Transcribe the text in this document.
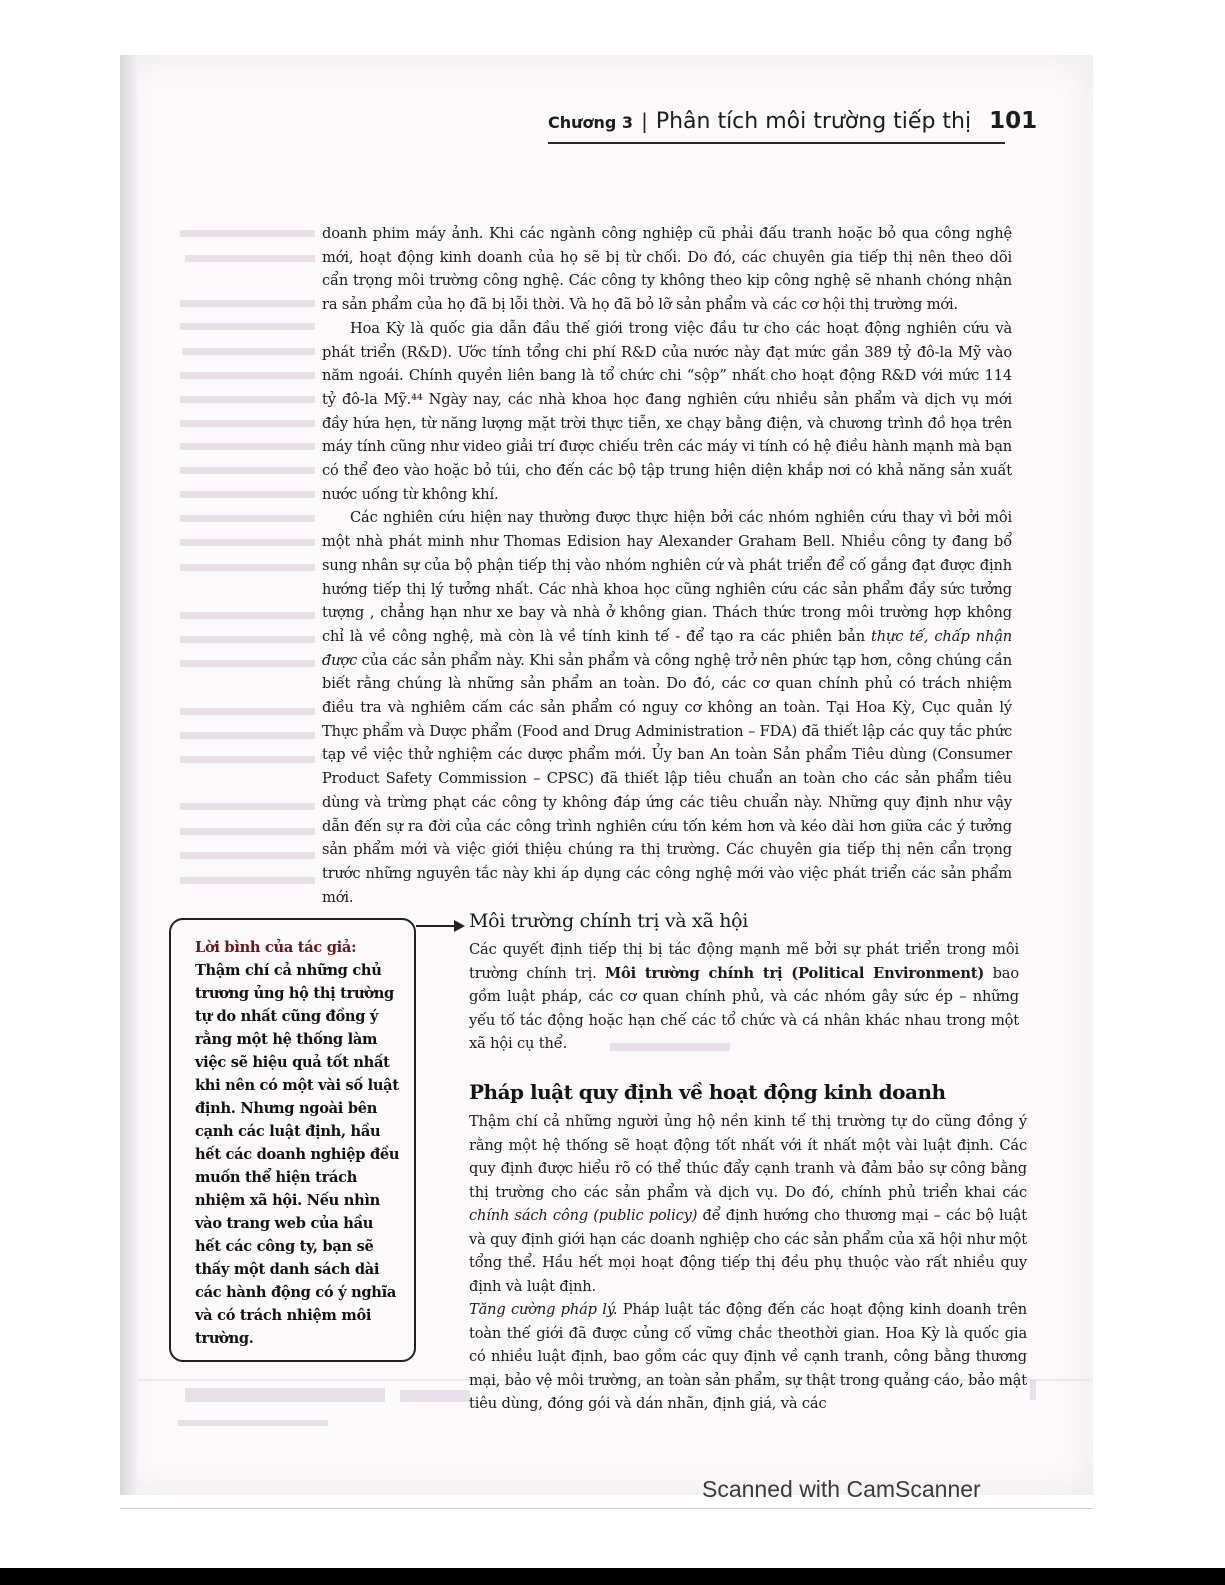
Chương 3 | Phân tích môi trường tiếp thị 101

doanh phim máy ảnh. Khi các ngành công nghiệp cũ phải đấu tranh hoặc bỏ qua công nghệ mới, hoạt động kinh doanh của họ sẽ bị từ chối. Do đó, các chuyên gia tiếp thị nên theo dõi cẩn trọng môi trường công nghệ. Các công ty không theo kịp công nghệ sẽ nhanh chóng nhận ra sản phẩm của họ đã bị lỗi thời. Và họ đã bỏ lỡ sản phẩm và các cơ hội thị trường mới.

Hoa Kỳ là quốc gia dẫn đầu thế giới trong việc đầu tư cho các hoạt động nghiên cứu và phát triển (R&D). Ước tính tổng chi phí R&D của nước này đạt mức gần 389 tỷ đô-la Mỹ vào năm ngoái. Chính quyền liên bang là tổ chức chi “sộp” nhất cho hoạt động R&D với mức 114 tỷ đô-la Mỹ.⁴⁴ Ngày nay, các nhà khoa học đang nghiên cứu nhiều sản phẩm và dịch vụ mới đầy hứa hẹn, từ năng lượng mặt trời thực tiễn, xe chạy bằng điện, và chương trình đồ họa trên máy tính cũng như video giải trí được chiếu trên các máy vi tính có hệ điều hành mạnh mà bạn có thể đeo vào hoặc bỏ túi, cho đến các bộ tập trung hiện diện khắp nơi có khả năng sản xuất nước uống từ không khí.

Các nghiên cứu hiện nay thường được thực hiện bởi các nhóm nghiên cứu thay vì bởi môi một nhà phát minh như Thomas Edision hay Alexander Graham Bell. Nhiều công ty đang bổ sung nhân sự của bộ phận tiếp thị vào nhóm nghiên cứ và phát triển để cố gắng đạt được định hướng tiếp thị lý tưởng nhất. Các nhà khoa học cũng nghiên cứu các sản phẩm đầy sức tưởng tượng , chẳng hạn như xe bay và nhà ở không gian. Thách thức trong môi trường hợp không chỉ là về công nghệ, mà còn là về tính kinh tế - để tạo ra các phiên bản thực tế, chấp nhận được của các sản phẩm này. Khi sản phẩm và công nghệ trở nên phức tạp hơn, công chúng cần biết rằng chúng là những sản phẩm an toàn. Do đó, các cơ quan chính phủ có trách nhiệm điều tra và nghiêm cấm các sản phẩm có nguy cơ không an toàn. Tại Hoa Kỳ, Cục quản lý Thực phẩm và Dược phẩm (Food and Drug Administration – FDA) đã thiết lập các quy tắc phức tạp về việc thử nghiệm các dược phẩm mới. Ủy ban An toàn Sản phẩm Tiêu dùng (Consumer Product Safety Commission – CPSC) đã thiết lập tiêu chuẩn an toàn cho các sản phẩm tiêu dùng và trừng phạt các công ty không đáp ứng các tiêu chuẩn này. Những quy định như vậy dẫn đến sự ra đời của các công trình nghiên cứu tốn kém hơn và kéo dài hơn giữa các ý tưởng sản phẩm mới và việc giới thiệu chúng ra thị trường. Các chuyên gia tiếp thị nên cẩn trọng trước những nguyên tắc này khi áp dụng các công nghệ mới vào việc phát triển các sản phẩm mới.

Lời bình của tác giả:
Thậm chí cả những chủ trương ủng hộ thị trường tự do nhất cũng đồng ý rằng một hệ thống làm việc sẽ hiệu quả tốt nhất khi nên có một vài số luật định. Nhưng ngoài bên cạnh các luật định, hầu hết các doanh nghiệp đều muốn thể hiện trách nhiệm xã hội. Nếu nhìn vào trang web của hầu hết các công ty, bạn sẽ thấy một danh sách dài các hành động có ý nghĩa và có trách nhiệm môi trường.
Môi trường chính trị và xã hội
Các quyết định tiếp thị bị tác động mạnh mẽ bởi sự phát triển trong môi trường chính trị. Môi trường chính trị (Political Environment) bao gồm luật pháp, các cơ quan chính phủ, và các nhóm gây sức ép – những yếu tố tác động hoặc hạn chế các tổ chức và cá nhân khác nhau trong một xã hội cụ thể.
Pháp luật quy định về hoạt động kinh doanh

Thậm chí cả những người ủng hộ nền kinh tế thị trường tự do cũng đồng ý rằng một hệ thống sẽ hoạt động tốt nhất với ít nhất một vài luật định. Các quy định được hiểu rõ có thể thúc đẩy cạnh tranh và đảm bảo sự công bằng thị trường cho các sản phẩm và dịch vụ. Do đó, chính phủ triển khai các chính sách công (public policy) để định hướng cho thương mại – các bộ luật và quy định giới hạn các doanh nghiệp cho các sản phẩm của xã hội như một tổng thể. Hầu hết mọi hoạt động tiếp thị đều phụ thuộc vào rất nhiều quy định và luật định.

Tăng cường pháp lý. Pháp luật tác động đến các hoạt động kinh doanh trên toàn thế giới đã được củng cố vững chắc theothời gian. Hoa Kỳ là quốc gia có nhiều luật định, bao gồm các quy định về cạnh tranh, công bằng thương mại, bảo vệ môi trường, an toàn sản phẩm, sự thật trong quảng cáo, bảo mật tiêu dùng, đóng gói và dán nhãn, định giá, và các

Scanned with CamScanner
